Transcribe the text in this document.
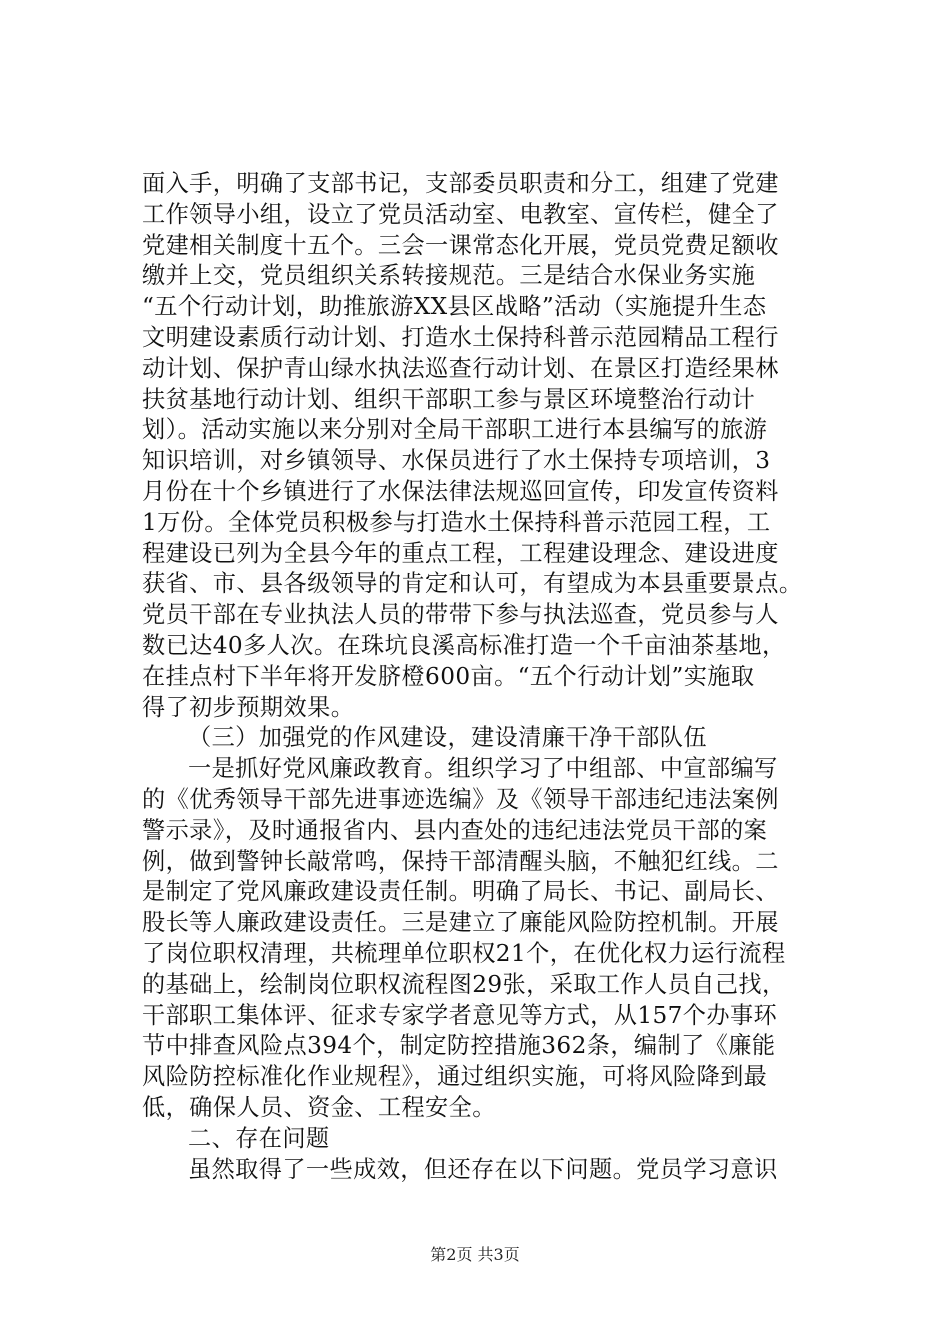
面入手，明确了支部书记，支部委员职责和分工，组建了党建
工作领导小组，设立了党员活动室、电教室、宣传栏，健全了
党建相关制度十五个。三会一课常态化开展，党员党费足额收
缴并上交，党员组织关系转接规范。三是结合水保业务实施
“五个行动计划，助推旅游XX县区战略”活动（实施提升生态
文明建设素质行动计划、打造水土保持科普示范园精品工程行
动计划、保护青山绿水执法巡查行动计划、在景区打造经果林
扶贫基地行动计划、组织干部职工参与景区环境整治行动计
划）。活动实施以来分别对全局干部职工进行本县编写的旅游
知识培训，对乡镇领导、水保员进行了水土保持专项培训，3
月份在十个乡镇进行了水保法律法规巡回宣传，印发宣传资料
1万份。全体党员积极参与打造水土保持科普示范园工程，工
程建设已列为全县今年的重点工程，工程建设理念、建设进度
获省、市、县各级领导的肯定和认可，有望成为本县重要景点。
党员干部在专业执法人员的带带下参与执法巡查，党员参与人
数已达40多人次。在珠坑良溪高标准打造一个千亩油茶基地，
在挂点村下半年将开发脐橙600亩。“五个行动计划”实施取
得了初步预期效果。
（三）加强党的作风建设，建设清廉干净干部队伍
一是抓好党风廉政教育。组织学习了中组部、中宣部编写
的《优秀领导干部先进事迹选编》及《领导干部违纪违法案例
警示录》，及时通报省内、县内查处的违纪违法党员干部的案
例，做到警钟长敲常鸣，保持干部清醒头脑，不触犯红线。二
是制定了党风廉政建设责任制。明确了局长、书记、副局长、
股长等人廉政建设责任。三是建立了廉能风险防控机制。开展
了岗位职权清理，共梳理单位职权21个，在优化权力运行流程
的基础上，绘制岗位职权流程图29张，采取工作人员自己找，
干部职工集体评、征求专家学者意见等方式，从157个办事环
节中排查风险点394个，制定防控措施362条，编制了《廉能
风险防控标准化作业规程》，通过组织实施，可将风险降到最
低，确保人员、资金、工程安全。
二、存在问题
虽然取得了一些成效，但还存在以下问题。党员学习意识
第2页 共3页
